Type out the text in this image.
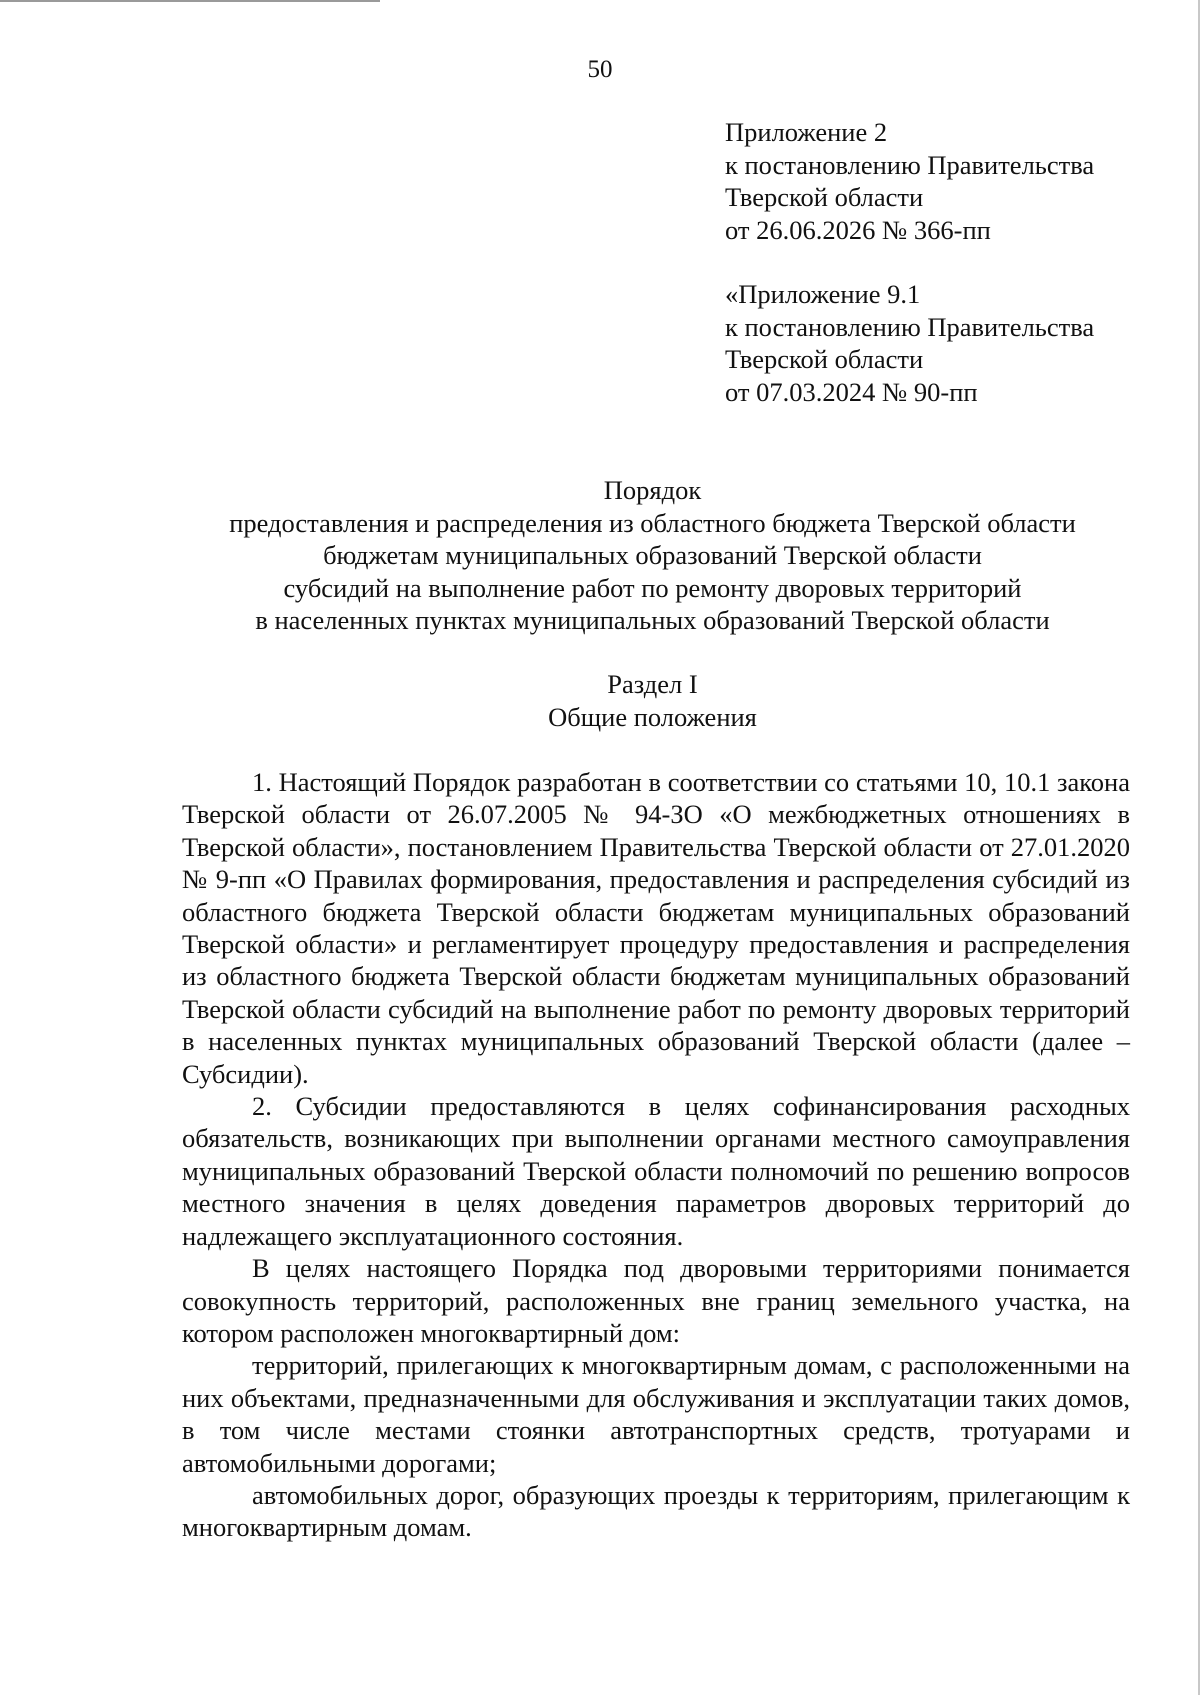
50
Приложение 2
к постановлению Правительства
Тверской области
от 26.06.2026 № 366-пп
«Приложение 9.1
к постановлению Правительства
Тверской области
от 07.03.2024 № 90-пп
Порядок
предоставления и распределения из областного бюджета Тверской области
бюджетам муниципальных образований Тверской области
субсидий на выполнение работ по ремонту дворовых территорий
в населенных пунктах муниципальных образований Тверской области
Раздел I
Общие положения

1. Настоящий Порядок разработан в соответствии со статьями 10, 10.1 закона Тверской области от 26.07.2005 № 94-ЗО «О межбюджетных отношениях в Тверской области», постановлением Правительства Тверской области от 27.01.2020 № 9-пп «О Правилах формирования, предоставления и распределения субсидий из областного бюджета Тверской области бюджетам муниципальных образований Тверской области» и регламентирует процедуру предоставления и распределения из областного бюджета Тверской области бюджетам муниципальных образований Тверской области субсидий на выполнение работ по ремонту дворовых территорий в населенных пунктах муниципальных образований Тверской области (далее – Субсидии).

2. Субсидии предоставляются в целях софинансирования расходных обязательств, возникающих при выполнении органами местного самоуправления муниципальных образований Тверской области полномочий по решению вопросов местного значения в целях доведения параметров дворовых территорий до надлежащего эксплуатационного состояния.

В целях настоящего Порядка под дворовыми территориями понимается совокупность территорий, расположенных вне границ земельного участка, на котором расположен многоквартирный дом:

территорий, прилегающих к многоквартирным домам, с расположенными на них объектами, предназначенными для обслуживания и эксплуатации таких домов, в том числе местами стоянки автотранспортных средств, тротуарами и автомобильными дорогами;

автомобильных дорог, образующих проезды к территориям, прилегающим к многоквартирным домам.
